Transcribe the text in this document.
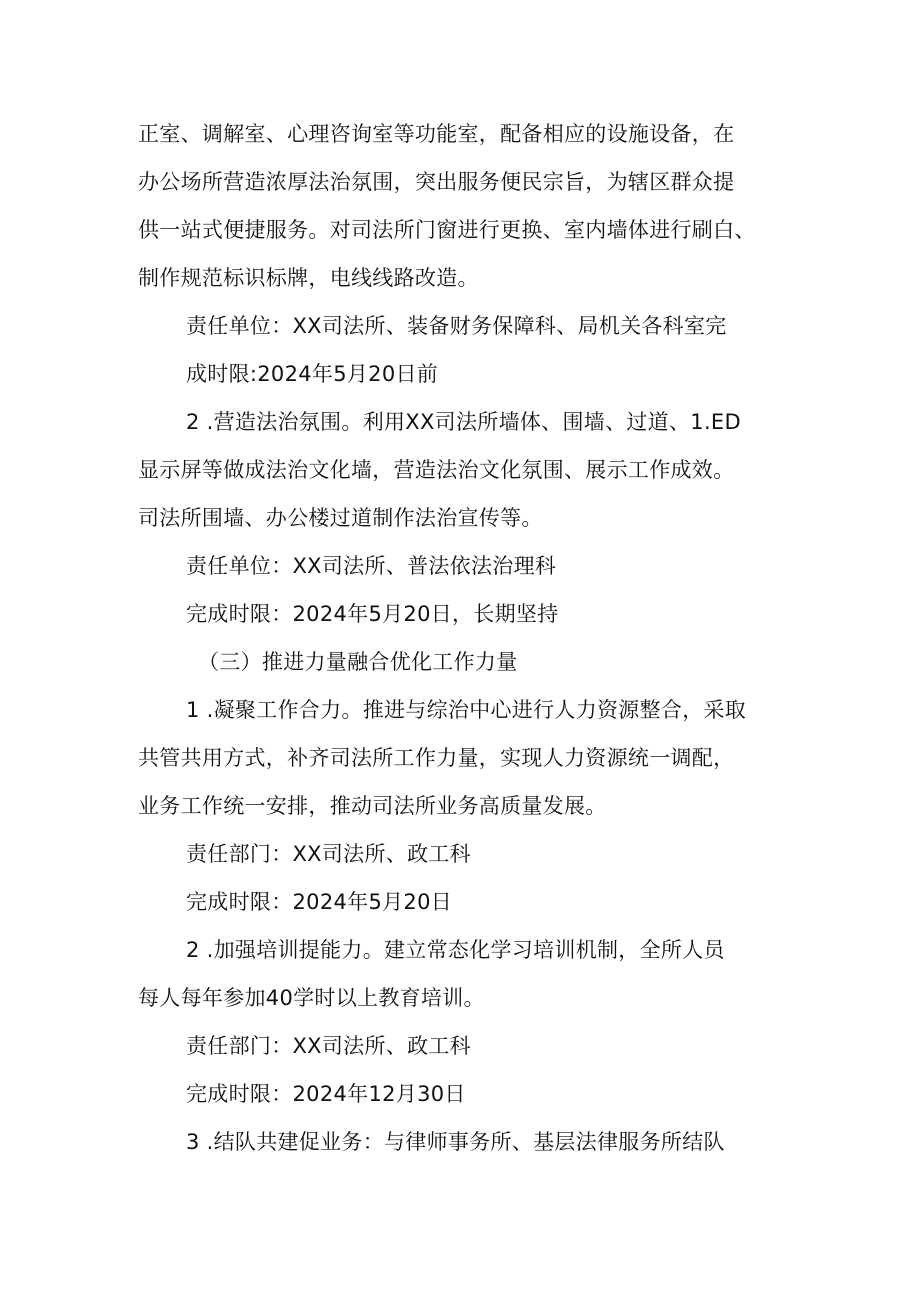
正室、调解室、心理咨询室等功能室，配备相应的设施设备，在
办公场所营造浓厚法治氛围，突出服务便民宗旨，为辖区群众提
供一站式便捷服务。对司法所门窗进行更换、室内墙体进行刷白、
制作规范标识标牌，电线线路改造。
责任单位：XX司法所、装备财务保障科、局机关各科室完
成时限:2024年5月20日前
2 .营造法治氛围。利用XX司法所墙体、围墙、过道、1.ED
显示屏等做成法治文化墙，营造法治文化氛围、展示工作成效。
司法所围墙、办公楼过道制作法治宣传等。
责任单位：XX司法所、普法依法治理科
完成时限：2024年5月20日，长期坚持
（三）推进力量融合优化工作力量
1 .凝聚工作合力。推进与综治中心进行人力资源整合，采取
共管共用方式，补齐司法所工作力量，实现人力资源统一调配，
业务工作统一安排，推动司法所业务高质量发展。
责任部门：XX司法所、政工科
完成时限：2024年5月20日
2 .加强培训提能力。建立常态化学习培训机制，全所人员
每人每年参加40学时以上教育培训。
责任部门：XX司法所、政工科
完成时限：2024年12月30日
3 .结队共建促业务：与律师事务所、基层法律服务所结队
